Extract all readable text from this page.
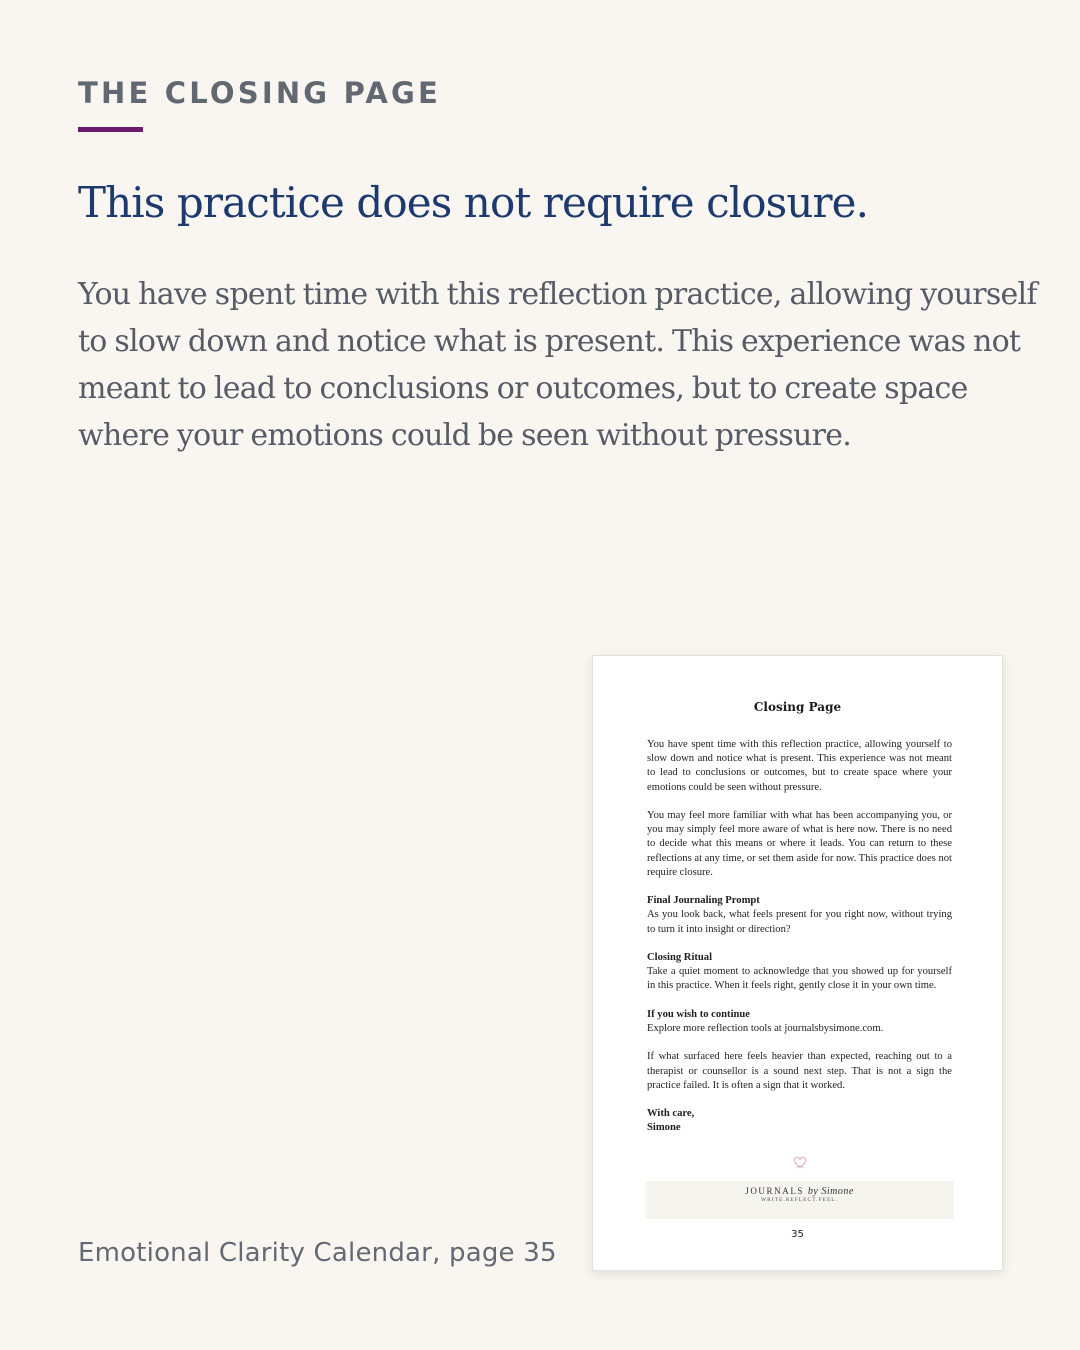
THE CLOSING PAGE
This practice does not require closure.

You have spent time with this reflection practice, allowing yourself to slow down and notice what is present. This experience was not meant to lead to conclusions or outcomes, but to create space where your emotions could be seen without pressure.

Closing Page

You have spent time with this reflection practice, allowing yourself to slow down and notice what is present. This experience was not meant to lead to conclusions or outcomes, but to create space where your emotions could be seen without pressure.

You may feel more familiar with what has been accompanying you, or you may simply feel more aware of what is here now. There is no need to decide what this means or where it leads. You can return to these reflections at any time, or set them aside for now. This practice does not require closure.

Final Journaling Prompt
As you look back, what feels present for you right now, without trying to turn it into insight or direction?

Closing Ritual
Take a quiet moment to acknowledge that you showed up for yourself in this practice. When it feels right, gently close it in your own time.

If you wish to continue
Explore more reflection tools at journalsbysimone.com.

If what surfaced here feels heavier than expected, reaching out to a therapist or counsellor is a sound next step. That is not a sign the practice failed. It is often a sign that it worked.

With care,
Simone

JOURNALS by Simone
WRITE.REFLECT.FEEL.
35
Emotional Clarity Calendar, page 35
